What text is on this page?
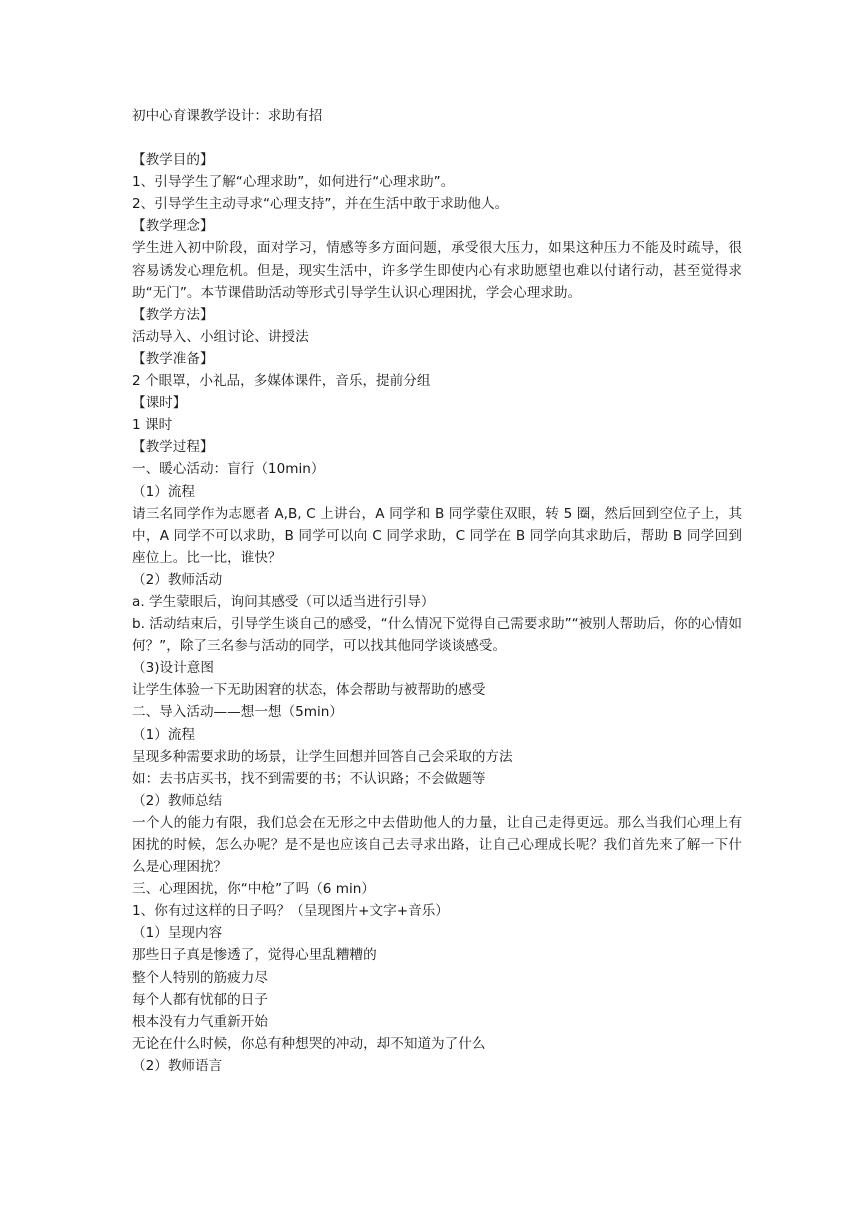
初中心育课教学设计：求助有招
【教学目的】
1、引导学生了解“心理求助”，如何进行“心理求助”。
2、引导学生主动寻求“心理支持”，并在生活中敢于求助他人。
【教学理念】
学生进入初中阶段，面对学习，情感等多方面问题，承受很大压力，如果这种压力不能及时疏导，很容易诱发心理危机。但是，现实生活中，许多学生即使内心有求助愿望也难以付诸行动，甚至觉得求助“无门”。本节课借助活动等形式引导学生认识心理困扰，学会心理求助。
【教学方法】
活动导入、小组讨论、讲授法
【教学准备】
2 个眼罩，小礼品，多媒体课件，音乐，提前分组
【课时】
1 课时
【教学过程】
一、暖心活动：盲行（10min）
（1）流程
请三名同学作为志愿者 A,B, C 上讲台，A 同学和 B 同学蒙住双眼，转 5 圈，然后回到空位子上，其中，A 同学不可以求助，B 同学可以向 C 同学求助，C 同学在 B 同学向其求助后，帮助 B 同学回到座位上。比一比，谁快？
（2）教师活动
a. 学生蒙眼后，询问其感受（可以适当进行引导）
b. 活动结束后，引导学生谈自己的感受，“什么情况下觉得自己需要求助”“被别人帮助后，你的心情如何？”，除了三名参与活动的同学，可以找其他同学谈谈感受。
（3)设计意图
让学生体验一下无助困窘的状态，体会帮助与被帮助的感受
二、导入活动——想一想（5min）
（1）流程
呈现多种需要求助的场景，让学生回想并回答自己会采取的方法
如：去书店买书，找不到需要的书；不认识路；不会做题等
（2）教师总结
一个人的能力有限，我们总会在无形之中去借助他人的力量，让自己走得更远。那么当我们心理上有困扰的时候，怎么办呢？是不是也应该自己去寻求出路，让自己心理成长呢？我们首先来了解一下什么是心理困扰？
三、心理困扰，你“中枪”了吗（6 min）
1、你有过这样的日子吗？（呈现图片+文字+音乐）
（1）呈现内容
那些日子真是惨透了，觉得心里乱糟糟的
整个人特别的筋疲力尽
每个人都有忧郁的日子
根本没有力气重新开始
无论在什么时候，你总有种想哭的冲动，却不知道为了什么
（2）教师语言
